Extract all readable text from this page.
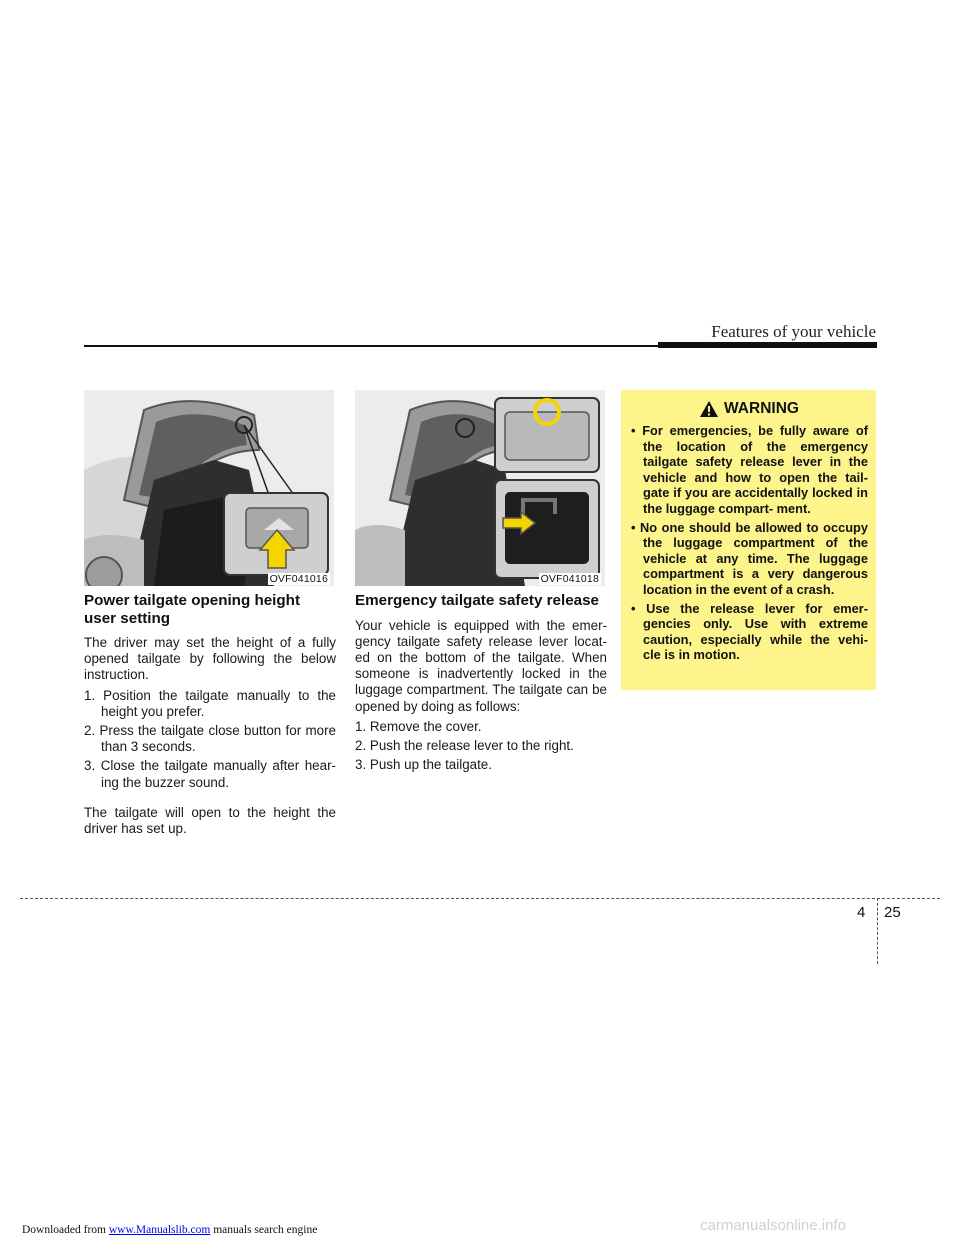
Features of your vehicle
OVF041016	OVF041018
Power tailgate opening height user setting

The driver may set the height of a fully opened tailgate by following the below instruction.

1. Position the tailgate manually to the height you prefer.
2. Press the tailgate close button for more than 3 seconds.
3. Close the tailgate manually after hear- ing the buzzer sound.

The tailgate will open to the height the driver has set up.

Emergency tailgate safety release

Your vehicle is equipped with the emer- gency tailgate safety release lever locat- ed on the bottom of the tailgate. When someone is inadvertently locked in the luggage compartment. The tailgate can be opened by doing as follows:

1. Remove the cover.
2. Push the release lever to the right.
3. Push up the tailgate.
WARNING
• For emergencies, be fully aware of the location of the emergency tailgate safety release lever in the vehicle and how to open the tail- gate if you are accidentally locked in the luggage compart- ment.
• No one should be allowed to occupy the luggage compartment of the vehicle at any time. The luggage compartment is a very dangerous location in the event of a crash.
• Use the release lever for emer- gencies only. Use with extreme caution, especially while the vehi- cle is in motion.
4 25
Downloaded from www.Manualslib.com manuals search engine	carmanualsonline.info
